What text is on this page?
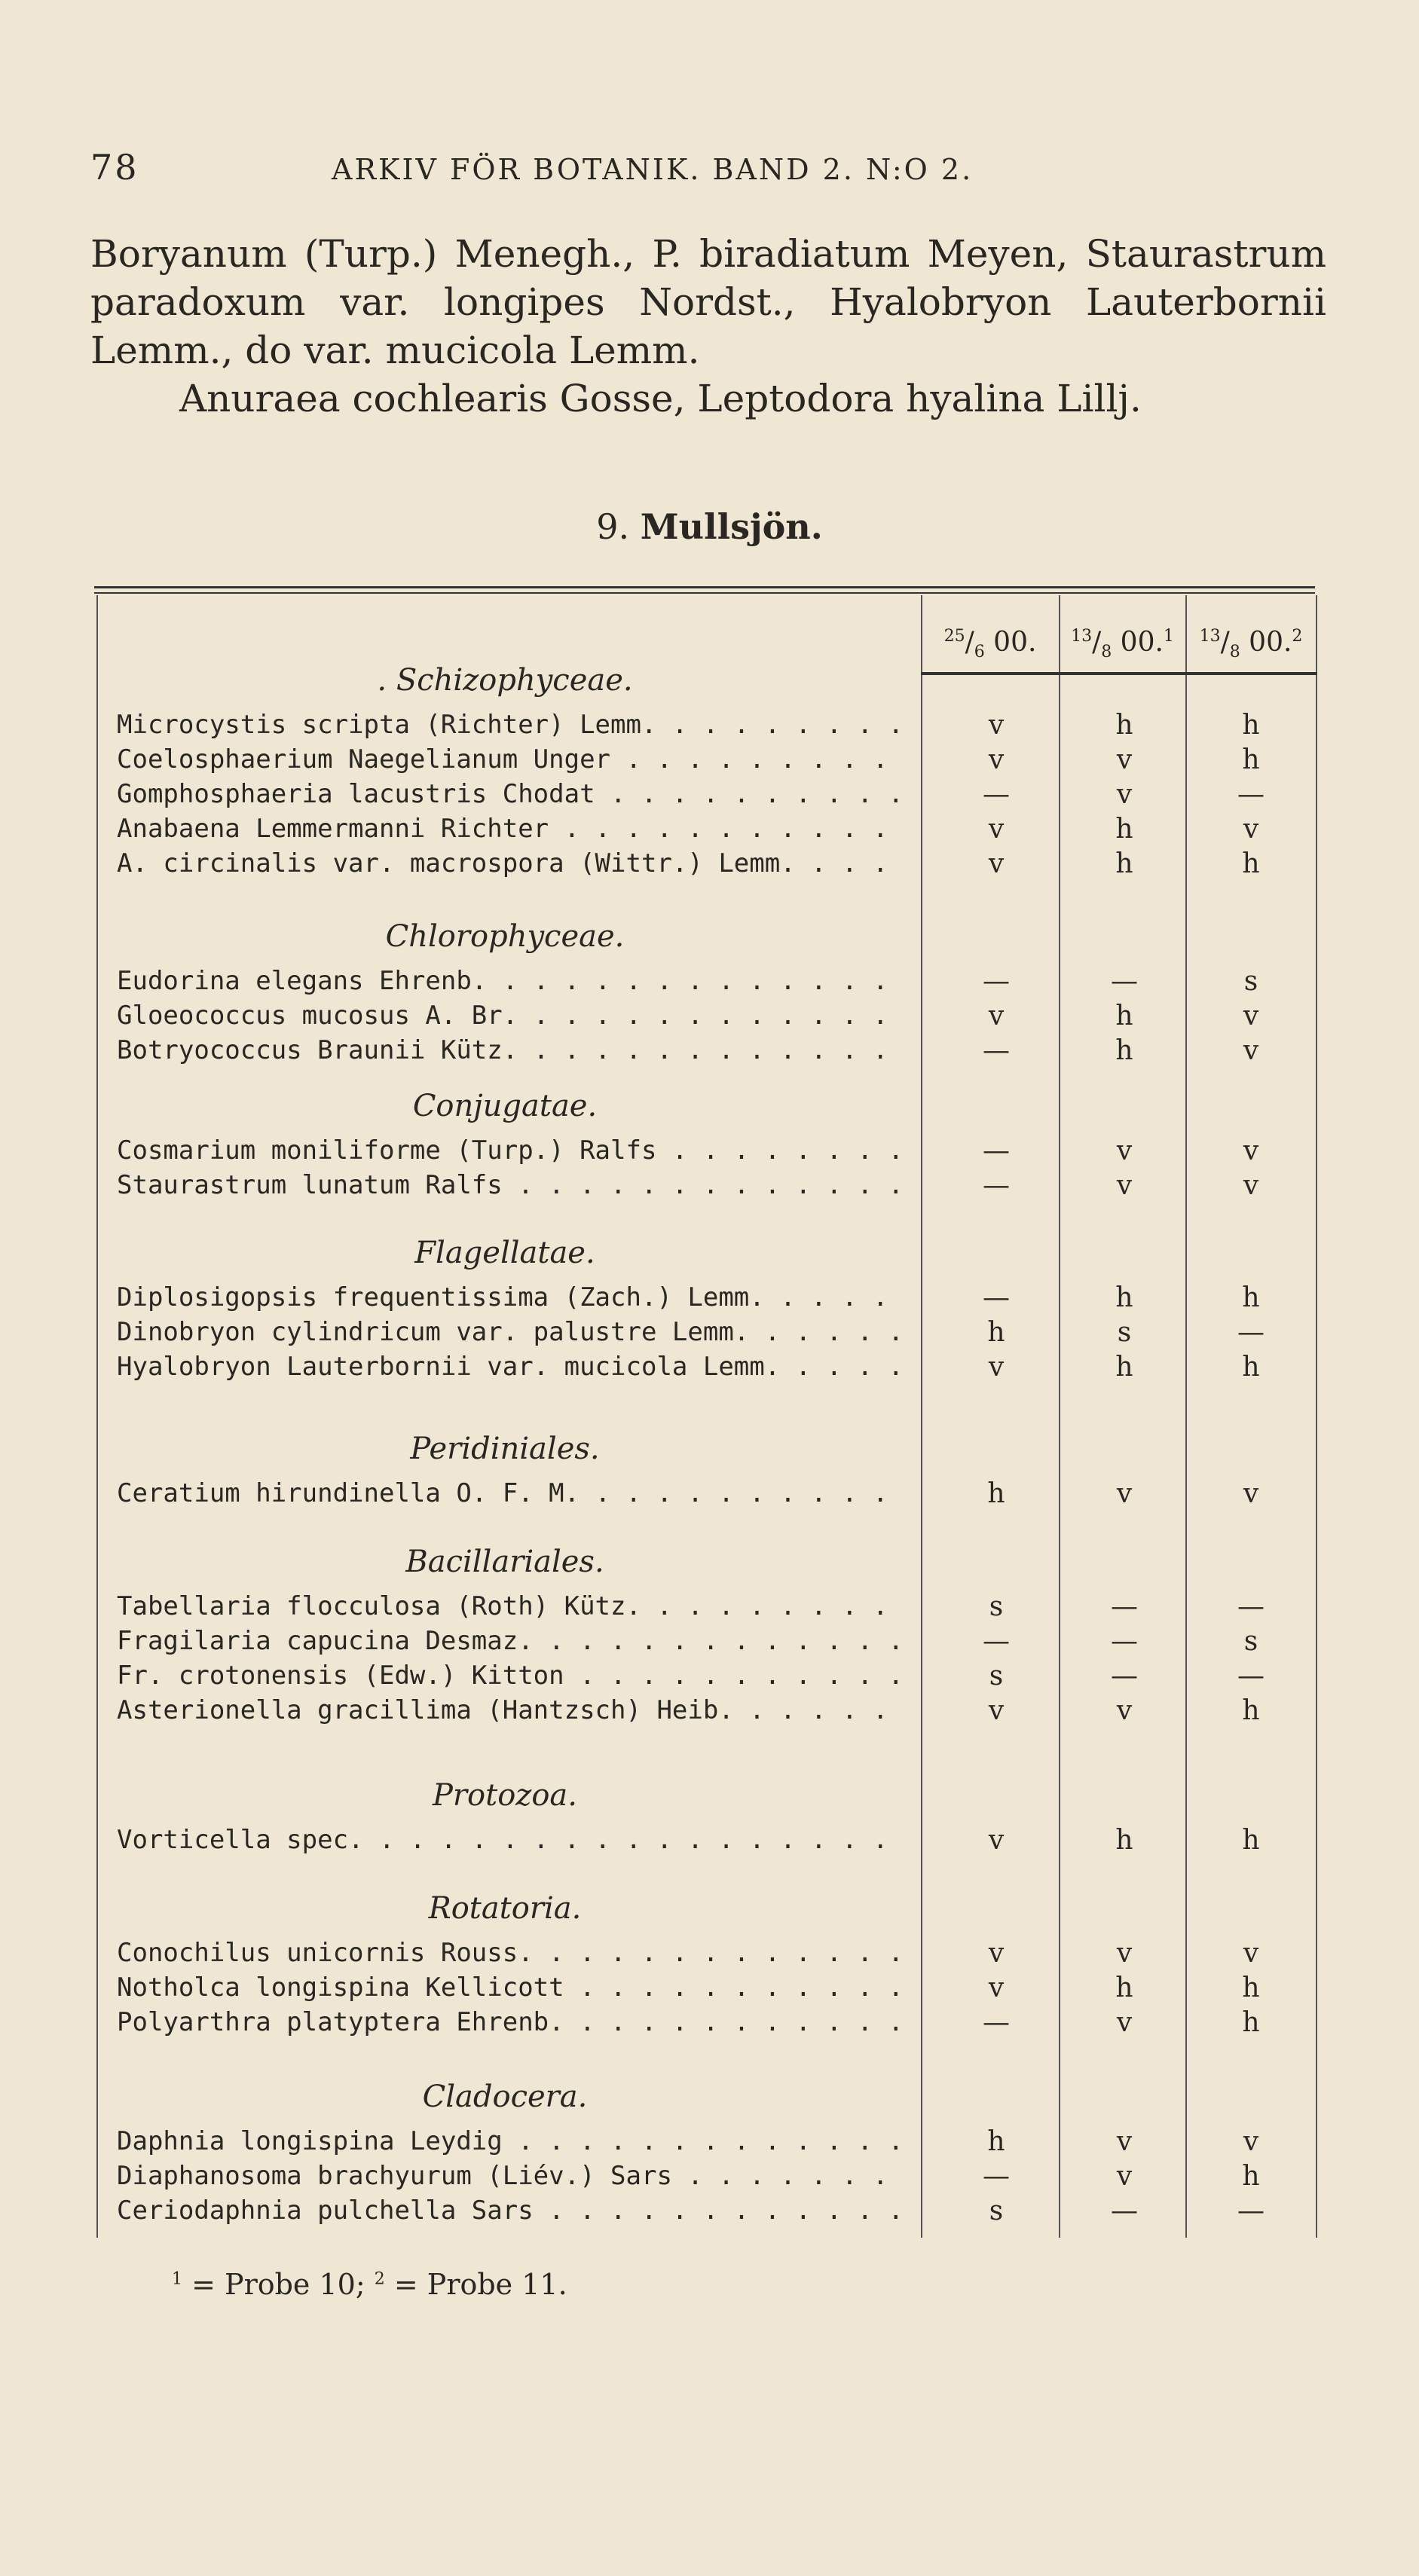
78	ARKIV FÖR BOTANIK. BAND 2. N:O 2.

Boryanum (Turp.) Menegh., P. biradiatum Meyen, Staurastrum

paradoxum var. longipes Nordst., Hyalobryon Lauterbornii

Lemm., do var. mucicola Lemm.

Anuraea cochlearis Gosse, Leptodora hyalina Lillj.

9. Mullsjön.
$^{25}/_6$ 00.	$^{13}/_8$ 00.$^1$	$^{13}/_8$ 00.$^2$
. Schizophyceae.
Microcystis scripta (Richter) Lemm. . . .	v	h	h
Coelosphaerium Naegelianum Unger . . .	v	v	h
Gomphosphaeria lacustris Chodat . . .	—	v	—
Anabaena Lemmermanni Richter . . .	v	h	v
A. circinalis var. macrospora (Wittr.) Lemm. . . .	v	h	h
Chlorophyceae.
Eudorina elegans Ehrenb. . . .	—	—	s
Gloeococcus mucosus A. Br. . . .	v	h	v
Botryococcus Braunii Kütz. . . .	—	h	v
Conjugatae.
Cosmarium moniliforme (Turp.) Ralfs . . .	—	v	v
Staurastrum lunatum Ralfs . . .	—	v	v
Flagellatae.
Diplosigopsis frequentissima (Zach.) Lemm. . . .	—	h	h
Dinobryon cylindricum var. palustre Lemm. . . .	h	s	—
Hyalobryon Lauterbornii var. mucicola Lemm. . . .	v	h	h
Peridiniales.
Ceratium hirundinella O. F. M. . . .	h	v	v
Bacillariales.
Tabellaria flocculosa (Roth) Kütz. . . .	s	—	—
Fragilaria capucina Desmaz. . . .	—	—	s
Fr. crotonensis (Edw.) Kitton . . .	s	—	—
Asterionella gracillima (Hantzsch) Heib. . . .	v	v	h
Protozoa.
Vorticella spec. . . .	v	h	h
Rotatoria.
Conochilus unicornis Rouss. . . .	v	v	v
Notholca longispina Kellicott . . .	v	h	h
Polyarthra platyptera Ehrenb. . . .	—	v	h
Cladocera.
Daphnia longispina Leydig . . .	h	v	v
Diaphanosoma brachyurum (Liév.) Sars . . .	—	v	h
Ceriodaphnia pulchella Sars . . .	s	—	—
$^1$ = Probe 10; $^2$ = Probe 11.
